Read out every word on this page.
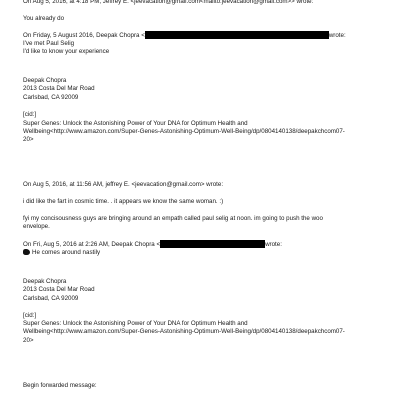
On Aug 5, 2016, at 4:18 PM, Jeffrey E. <jeevacation@gmail.com<mailto:jeevacation@gmail.com>> wrote:

You already do

On Friday, 5 August 2016, Deepak Chopra <	wrote:

I've met Paul Selig

I'd like to know your experience

Deepak Chopra

2013 Costa Del Mar Road

Carlsbad, CA 92009

[cid:]

Super Genes: Unlock the Astonishing Power of Your DNA for Optimum Health and

Wellbeing<http://www.amazon.com/Super-Genes-Astonishing-Optimum-Well-Being/dp/0804140138/deepakchcom07-

20>

On Aug 5, 2016, at 11:56 AM, jeffrey E. <jeevacation@gmail.com> wrote:

i did like the fart in cosmic time. . it appears we know the same woman. :)

fyi my concisousness guys are bringing around an empath called paul selig at noon. im going to push the woo

envelope.

On Fri, Aug 5, 2016 at 2:26 AM, Deepak Chopra <	wrote:

He comes around nastily

Deepak Chopra

2013 Costa Del Mar Road

Carlsbad, CA 92009

[cid:]

Super Genes: Unlock the Astonishing Power of Your DNA for Optimum Health and

Wellbeing<http://www.amazon.com/Super-Genes-Astonishing-Optimum-Well-Being/dp/0804140138/deepakchcom07-

20>

Begin forwarded message:
